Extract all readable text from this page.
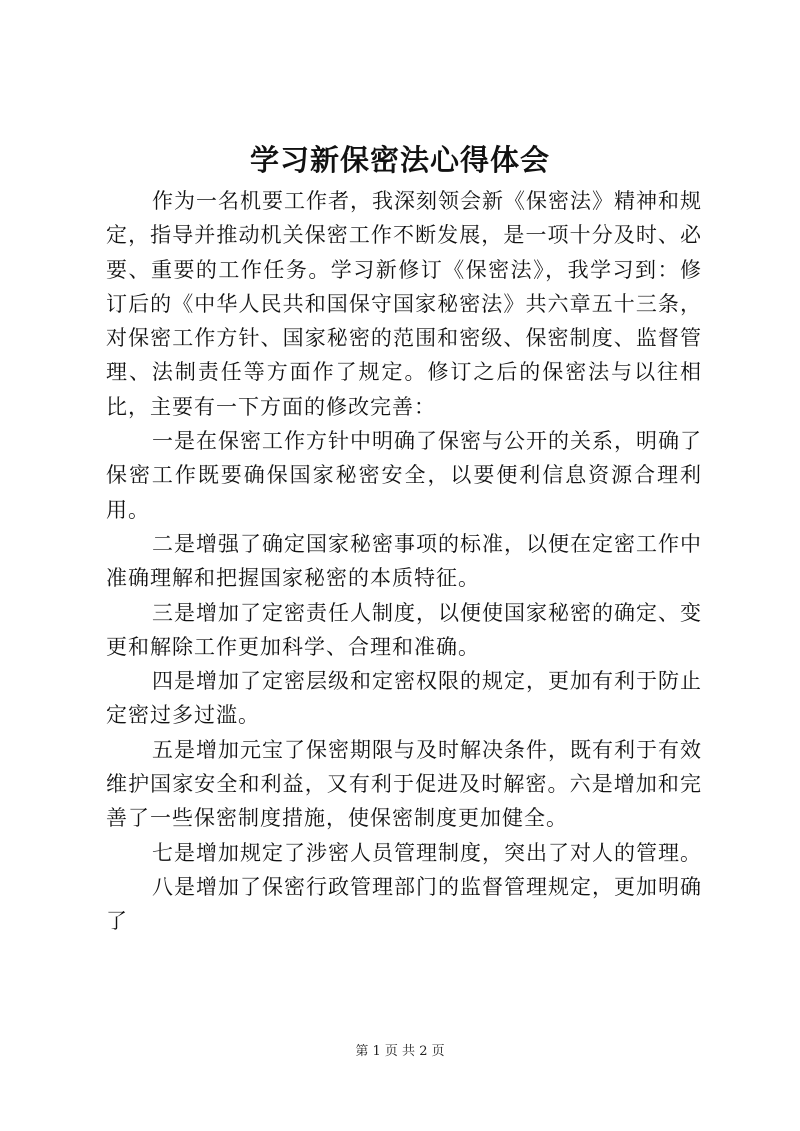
学习新保密法心得体会

作为一名机要工作者，我深刻领会新《保密法》精神和规定，指导并推动机关保密工作不断发展，是一项十分及时、必要、重要的工作任务。学习新修订《保密法》，我学习到：修订后的《中华人民共和国保守国家秘密法》共六章五十三条，对保密工作方针、国家秘密的范围和密级、保密制度、监督管理、法制责任等方面作了规定。修订之后的保密法与以往相比，主要有一下方面的修改完善：

一是在保密工作方针中明确了保密与公开的关系，明确了保密工作既要确保国家秘密安全，以要便利信息资源合理利用。

二是增强了确定国家秘密事项的标准，以便在定密工作中准确理解和把握国家秘密的本质特征。

三是增加了定密责任人制度，以便使国家秘密的确定、变更和解除工作更加科学、合理和准确。

四是增加了定密层级和定密权限的规定，更加有利于防止定密过多过滥。

五是增加元宝了保密期限与及时解决条件，既有利于有效维护国家安全和利益，又有利于促进及时解密。六是增加和完善了一些保密制度措施，使保密制度更加健全。

七是增加规定了涉密人员管理制度，突出了对人的管理。

八是增加了保密行政管理部门的监督管理规定，更加明确了

第 1 页 共 2 页
